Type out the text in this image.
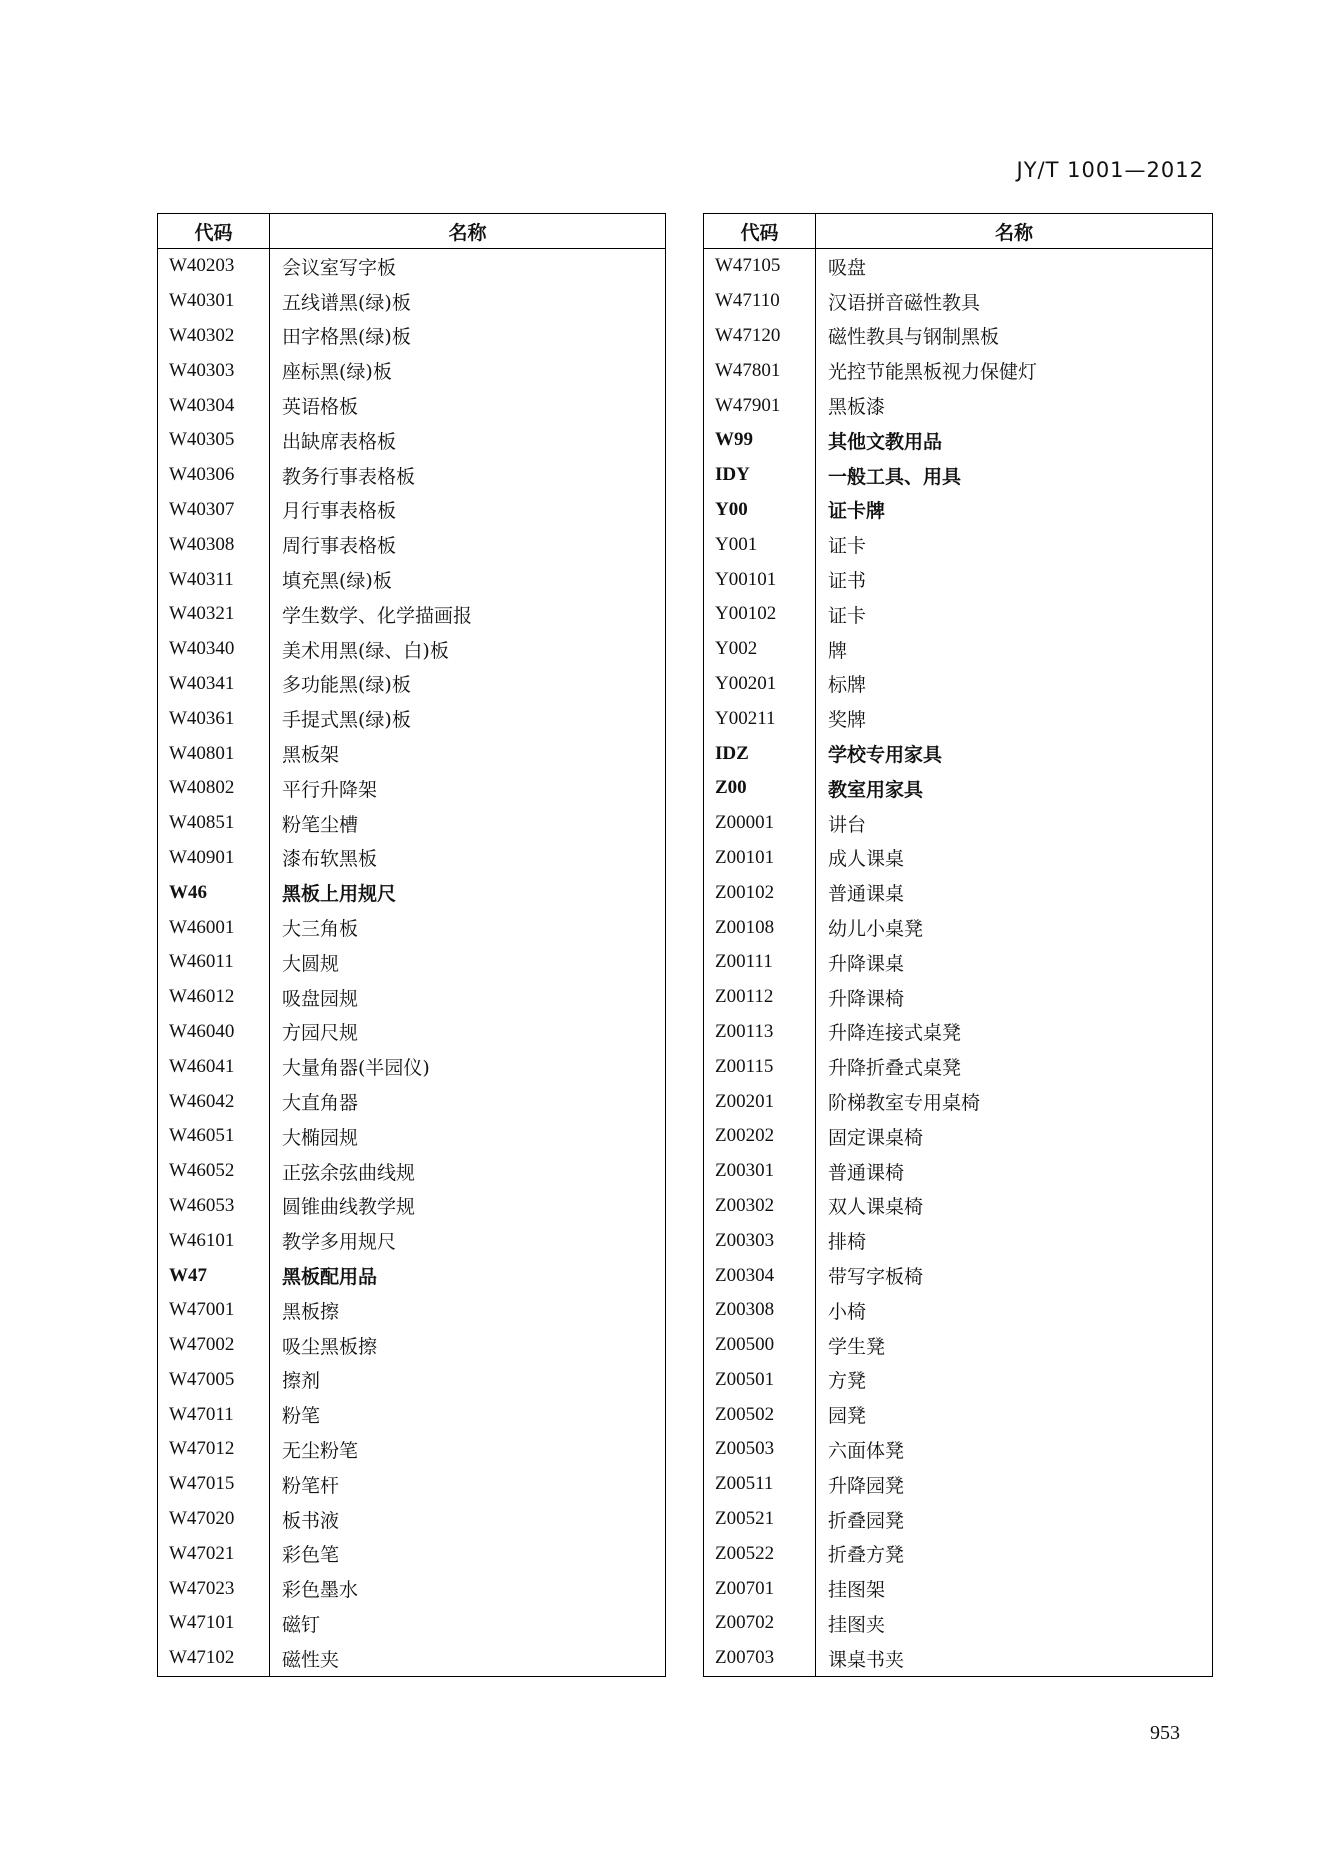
JY/T 1001—2012
代码	名称
W40203	会议室写字板
W40301	五线谱黑(绿)板
W40302	田字格黑(绿)板
W40303	座标黑(绿)板
W40304	英语格板
W40305	出缺席表格板
W40306	教务行事表格板
W40307	月行事表格板
W40308	周行事表格板
W40311	填充黑(绿)板
W40321	学生数学、化学描画报
W40340	美术用黑(绿、白)板
W40341	多功能黑(绿)板
W40361	手提式黑(绿)板
W40801	黑板架
W40802	平行升降架
W40851	粉笔尘槽
W40901	漆布软黑板
W46	黑板上用规尺
W46001	大三角板
W46011	大圆规
W46012	吸盘园规
W46040	方园尺规
W46041	大量角器(半园仪)
W46042	大直角器
W46051	大椭园规
W46052	正弦余弦曲线规
W46053	圆锥曲线教学规
W46101	教学多用规尺
W47	黑板配用品
W47001	黑板擦
W47002	吸尘黑板擦
W47005	擦剂
W47011	粉笔
W47012	无尘粉笔
W47015	粉笔杆
W47020	板书液
W47021	彩色笔
W47023	彩色墨水
W47101	磁钉
W47102	磁性夹
代码	名称
W47105	吸盘
W47110	汉语拼音磁性教具
W47120	磁性教具与钢制黑板
W47801	光控节能黑板视力保健灯
W47901	黑板漆
W99	其他文教用品
IDY	一般工具、用具
Y00	证卡牌
Y001	证卡
Y00101	证书
Y00102	证卡
Y002	牌
Y00201	标牌
Y00211	奖牌
IDZ	学校专用家具
Z00	教室用家具
Z00001	讲台
Z00101	成人课桌
Z00102	普通课桌
Z00108	幼儿小桌凳
Z00111	升降课桌
Z00112	升降课椅
Z00113	升降连接式桌凳
Z00115	升降折叠式桌凳
Z00201	阶梯教室专用桌椅
Z00202	固定课桌椅
Z00301	普通课椅
Z00302	双人课桌椅
Z00303	排椅
Z00304	带写字板椅
Z00308	小椅
Z00500	学生凳
Z00501	方凳
Z00502	园凳
Z00503	六面体凳
Z00511	升降园凳
Z00521	折叠园凳
Z00522	折叠方凳
Z00701	挂图架
Z00702	挂图夹
Z00703	课桌书夹
953
